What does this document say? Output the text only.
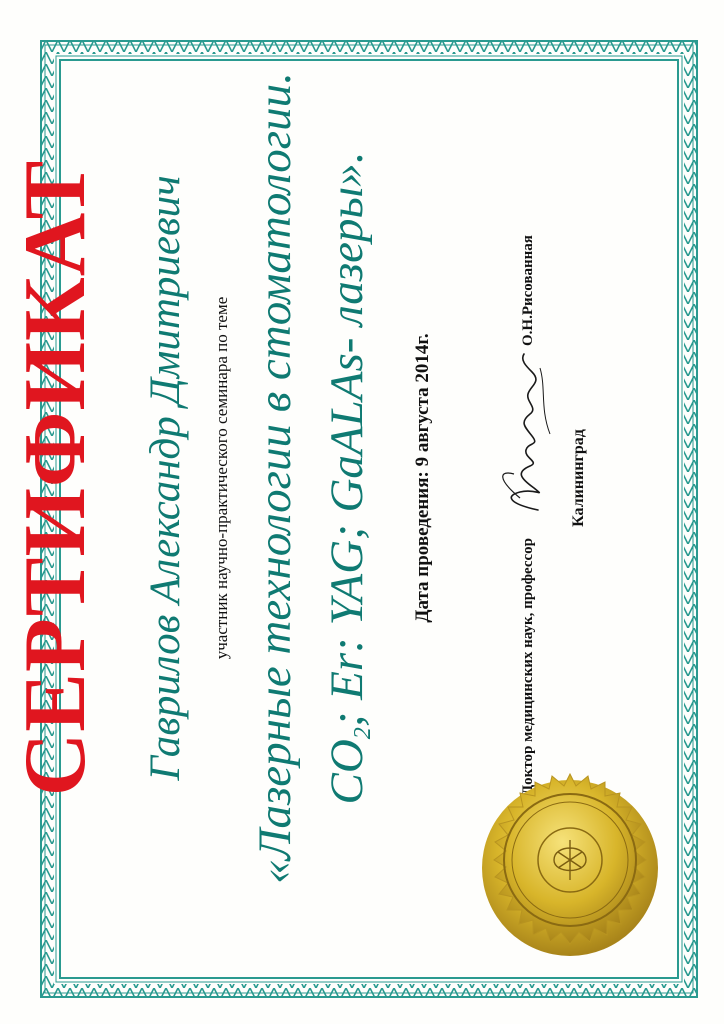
СЕРТИФИКАТ Гаврилов Александр Дмитриевич участник научно-практического семинара по теме «Лазерные технологии в стоматологии. $CO_2$; Er: YAG; GaALAs- лазеры». Дата проведения: 9 августа 2014г.
Доктор медицинских наук, профессор
О.Н.Рисованная
Калининград
